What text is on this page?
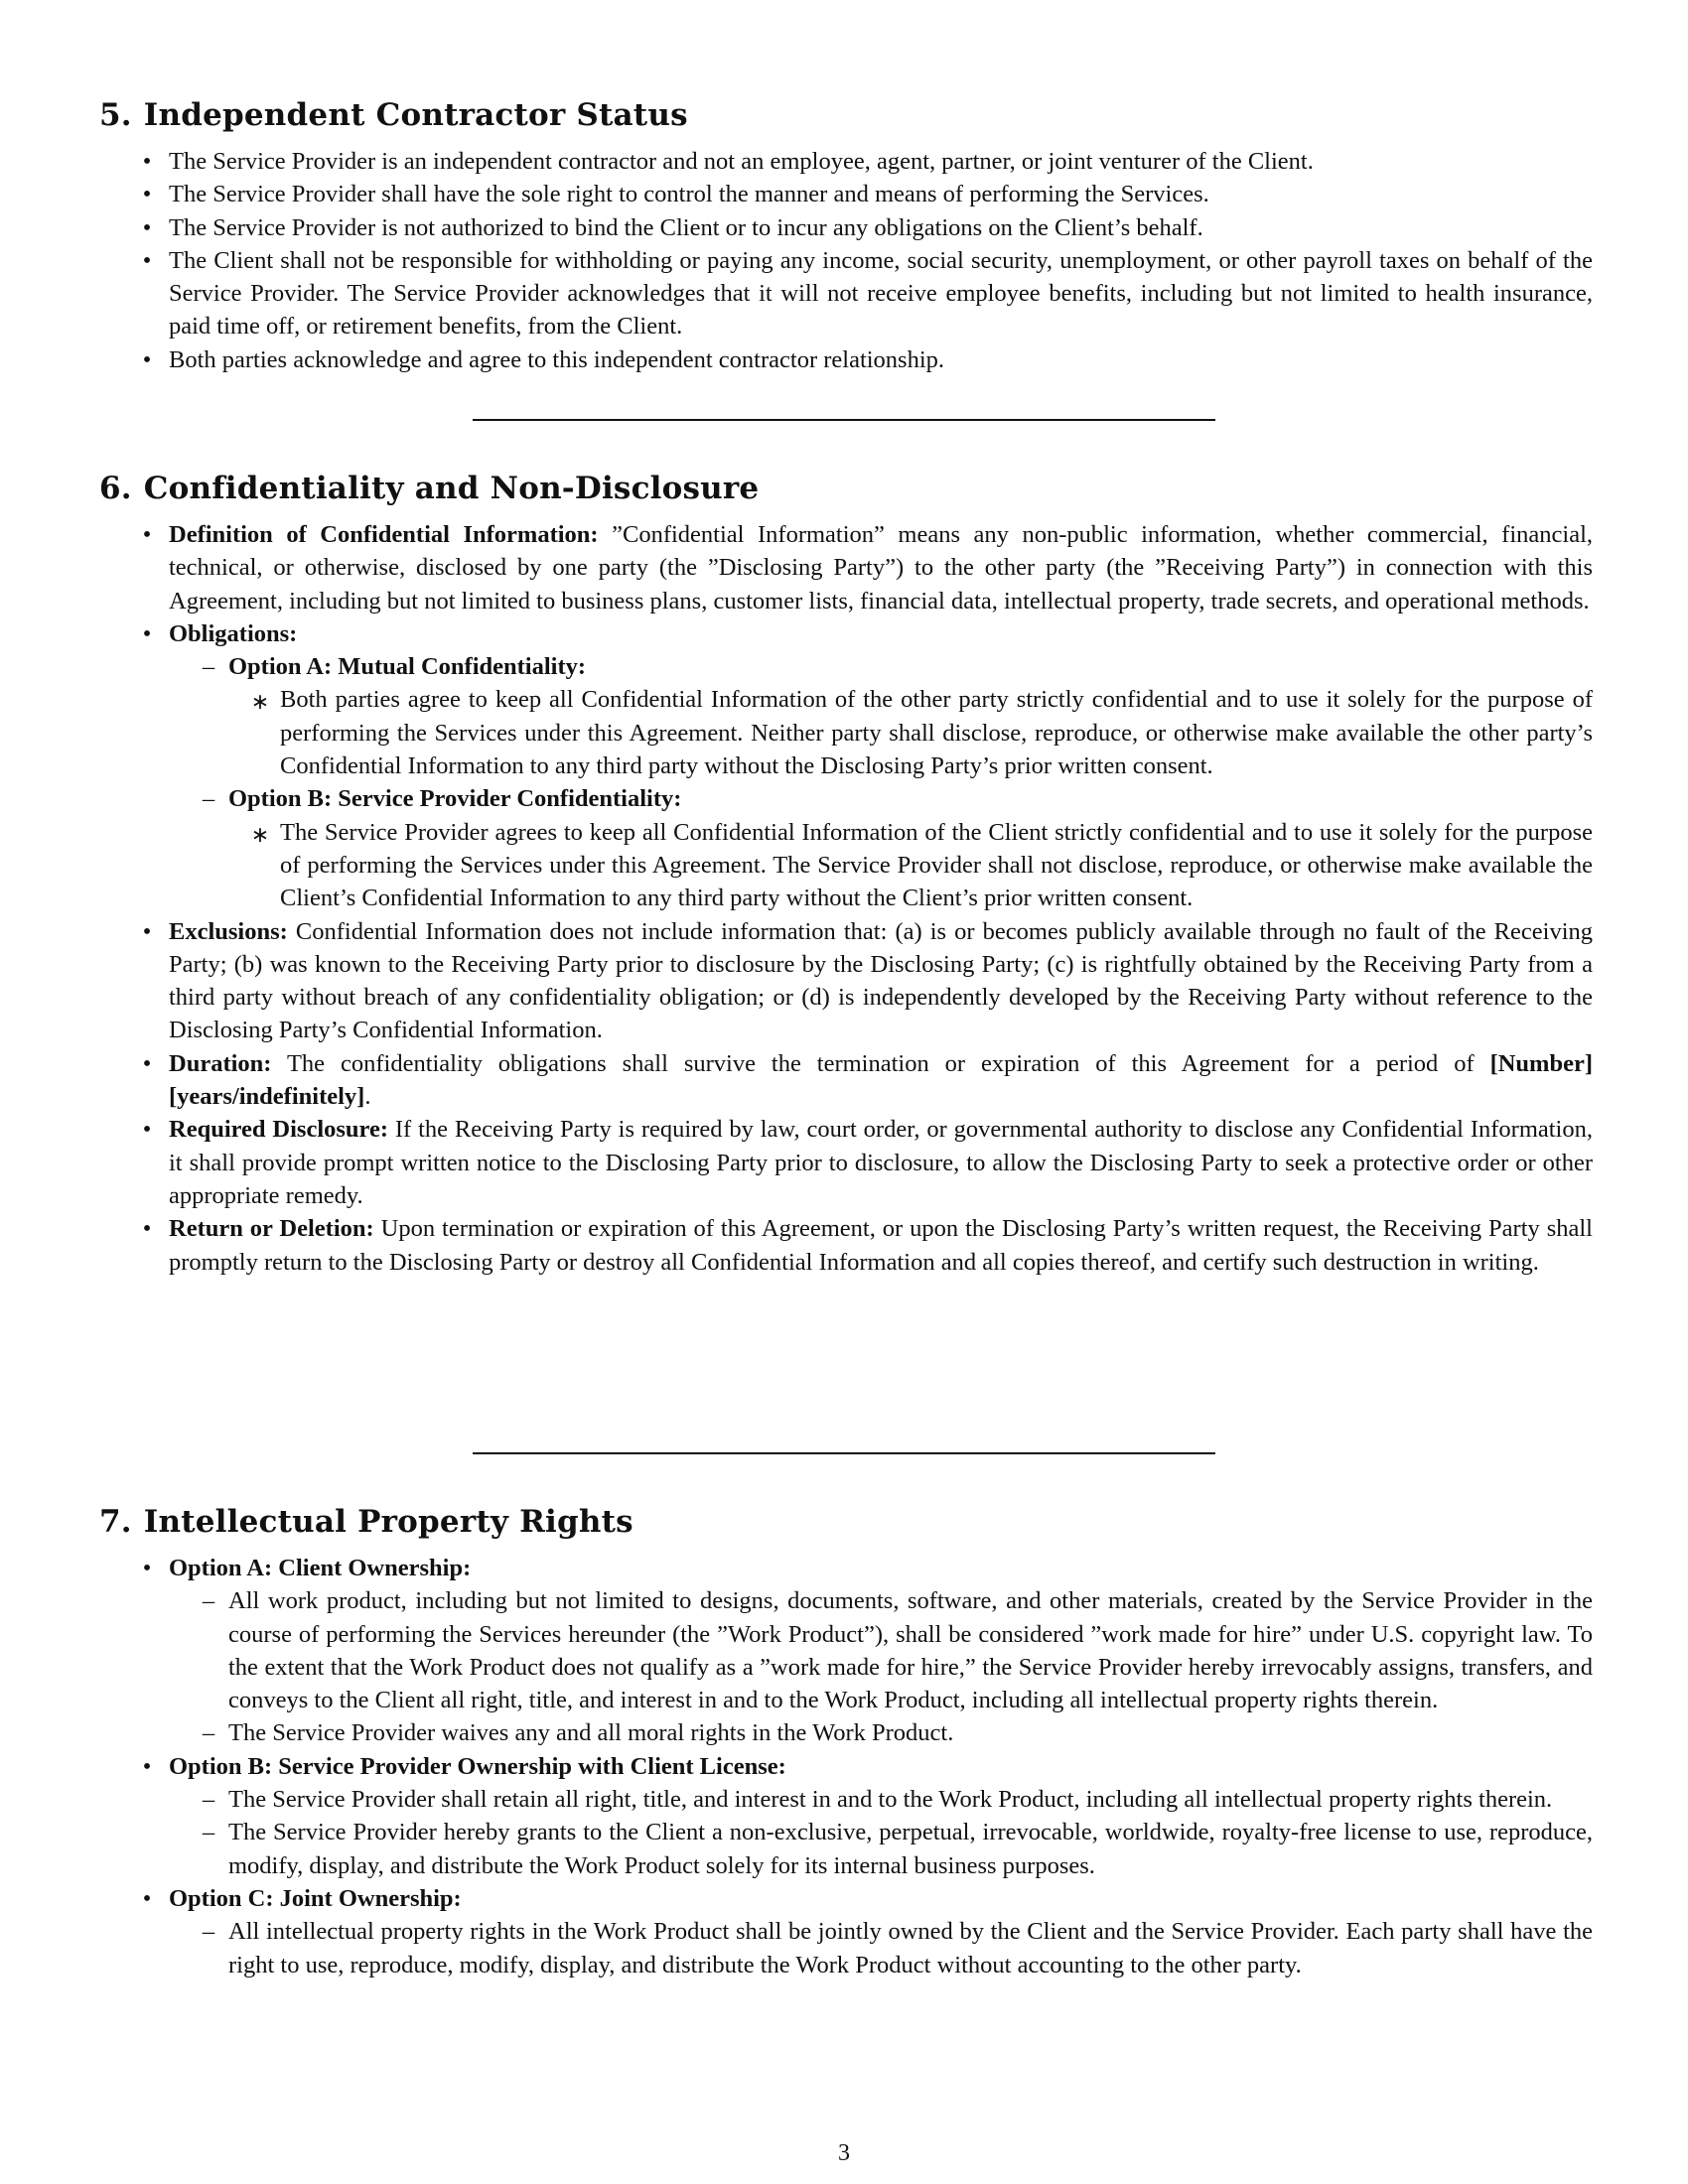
5. Independent Contractor Status
• The Service Provider is an independent contractor and not an employee, agent, partner, or joint venturer of the Client.
• The Service Provider shall have the sole right to control the manner and means of performing the Services.
• The Service Provider is not authorized to bind the Client or to incur any obligations on the Client’s behalf.
• The Client shall not be responsible for withholding or paying any income, social security, unemployment, or other payroll taxes on behalf of the Service Provider. The Service Provider acknowledges that it will not receive employee benefits, including but not limited to health insurance, paid time off, or retirement benefits, from the Client.
• Both parties acknowledge and agree to this independent contractor relationship.
6. Confidentiality and Non-Disclosure
• Definition of Confidential Information: ”Confidential Information” means any non-public information, whether commercial, financial, technical, or otherwise, disclosed by one party (the ”Disclosing Party”) to the other party (the ”Receiving Party”) in connection with this Agreement, including but not limited to business plans, customer lists, financial data, intellectual property, trade secrets, and operational methods.
• Obligations:
– Option A: Mutual Confidentiality:
∗ Both parties agree to keep all Confidential Information of the other party strictly confidential and to use it solely for the purpose of performing the Services under this Agreement. Neither party shall disclose, reproduce, or otherwise make available the other party’s Confidential Information to any third party without the Disclosing Party’s prior written consent.
– Option B: Service Provider Confidentiality:
∗ The Service Provider agrees to keep all Confidential Information of the Client strictly confidential and to use it solely for the purpose of performing the Services under this Agreement. The Service Provider shall not disclose, reproduce, or otherwise make available the Client’s Confidential Information to any third party without the Client’s prior written consent.
• Exclusions: Confidential Information does not include information that: (a) is or becomes publicly available through no fault of the Receiving Party; (b) was known to the Receiving Party prior to disclosure by the Disclosing Party; (c) is rightfully obtained by the Receiving Party from a third party without breach of any confidentiality obligation; or (d) is independently developed by the Receiving Party without reference to the Disclosing Party’s Confidential Information.
• Duration: The confidentiality obligations shall survive the termination or expiration of this Agreement for a period of [Number] [years/indefinitely].
• Required Disclosure: If the Receiving Party is required by law, court order, or governmental authority to disclose any Confidential Information, it shall provide prompt written notice to the Disclosing Party prior to disclosure, to allow the Disclosing Party to seek a protective order or other appropriate remedy.
• Return or Deletion: Upon termination or expiration of this Agreement, or upon the Disclosing Party’s written request, the Receiving Party shall promptly return to the Disclosing Party or destroy all Confidential Information and all copies thereof, and certify such destruction in writing.
7. Intellectual Property Rights
• Option A: Client Ownership:
– All work product, including but not limited to designs, documents, software, and other materials, created by the Service Provider in the course of performing the Services hereunder (the ”Work Product”), shall be considered ”work made for hire” under U.S. copyright law. To the extent that the Work Product does not qualify as a ”work made for hire,” the Service Provider hereby irrevocably assigns, transfers, and conveys to the Client all right, title, and interest in and to the Work Product, including all intellectual property rights therein.
– The Service Provider waives any and all moral rights in the Work Product.
• Option B: Service Provider Ownership with Client License:
– The Service Provider shall retain all right, title, and interest in and to the Work Product, including all intellectual property rights therein.
– The Service Provider hereby grants to the Client a non-exclusive, perpetual, irrevocable, worldwide, royalty-free license to use, reproduce, modify, display, and distribute the Work Product solely for its internal business purposes.
• Option C: Joint Ownership:
– All intellectual property rights in the Work Product shall be jointly owned by the Client and the Service Provider. Each party shall have the right to use, reproduce, modify, display, and distribute the Work Product without accounting to the other party.
3
